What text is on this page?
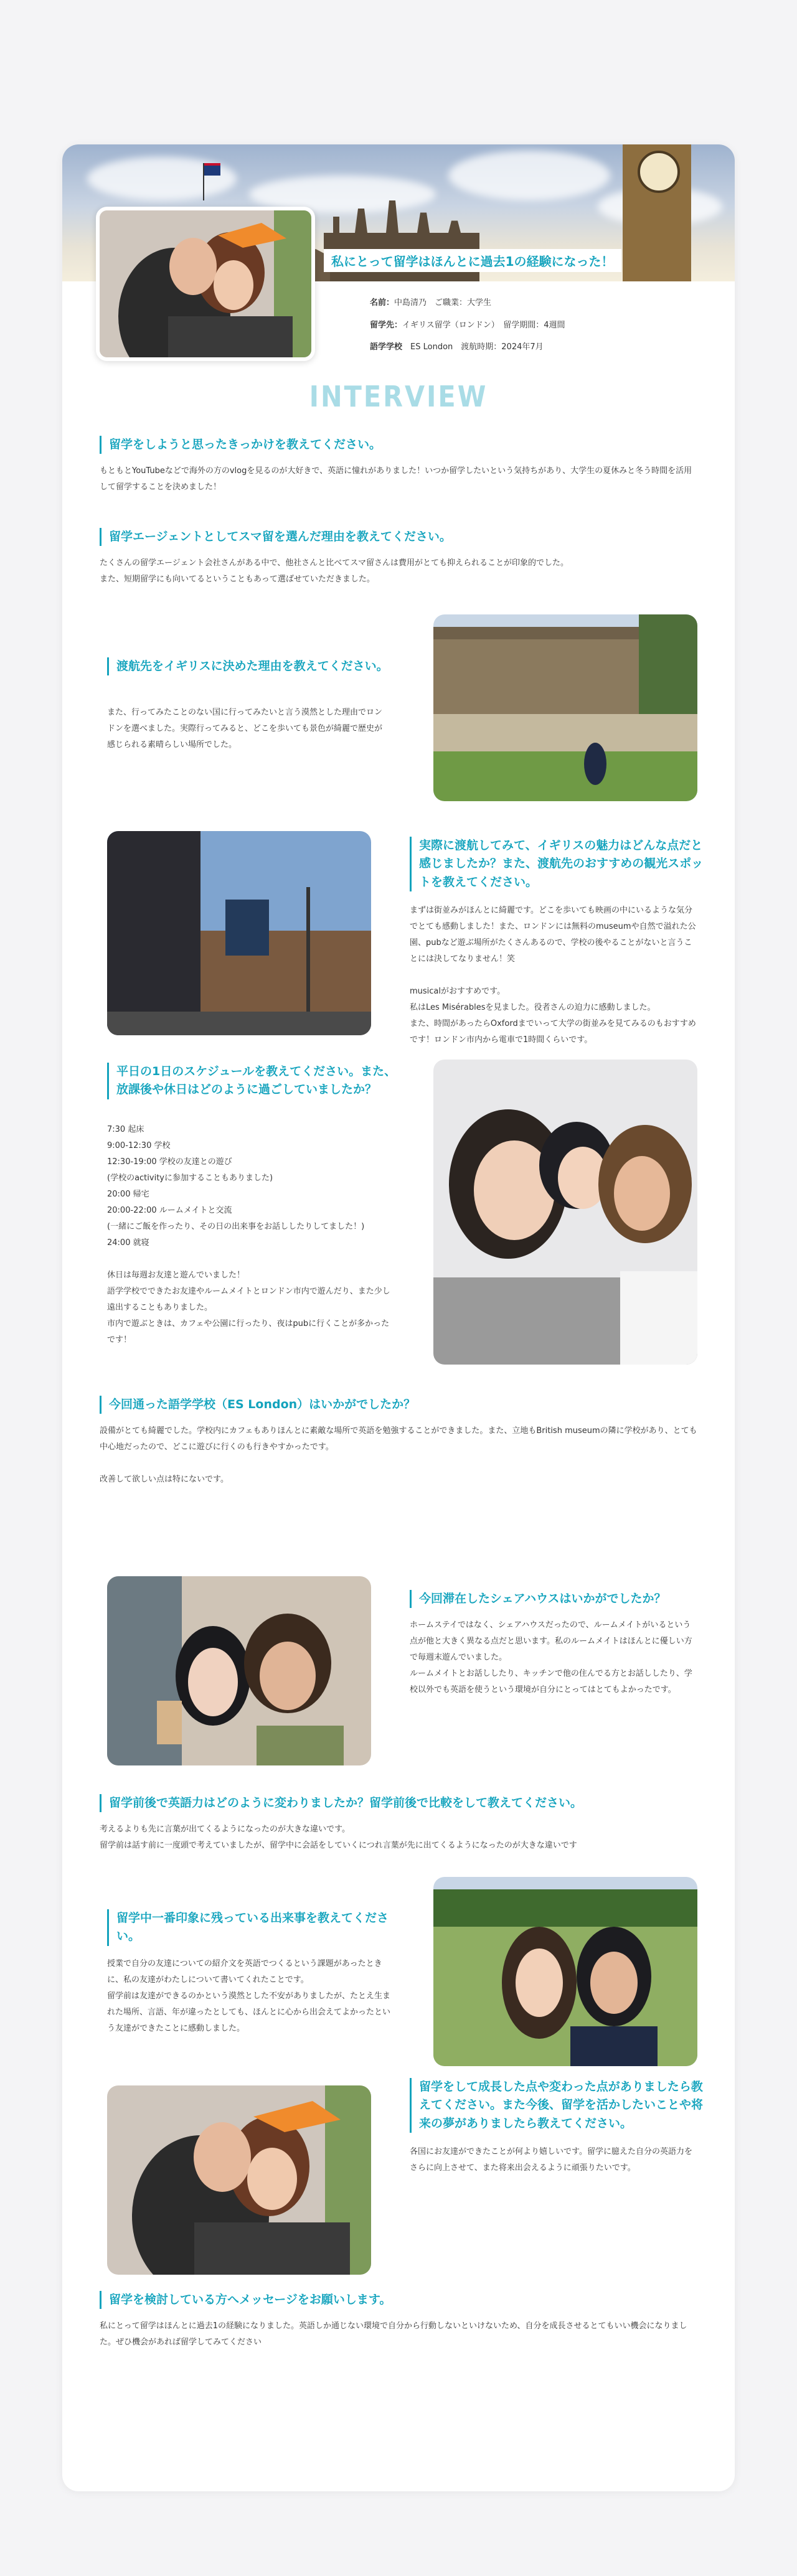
私にとって留学はほんとに過去1の経験になった！
名前：中島清乃　ご職業：大学生
留学先：イギリス留学（ロンドン）　留学期間：4週間
語学学校　 ES London　渡航時期：2024年7月
INTERVIEW
留学をしようと思ったきっかけを教えてください。
もともとYouTubeなどで海外の方のvlogを見るのが大好きで、英語に憧れがありました！いつか留学したいという気持ちがあり、大学生の夏休みと冬う時間を活用して留学することを決めました！
留学エージェントとしてスマ留を選んだ理由を教えてください。
たくさんの留学エージェント会社さんがある中で、他社さんと比べてスマ留さんは費用がとても抑えられることが印象的でした。
また、短期留学にも向いてるということもあって選ばせていただきました。
渡航先をイギリスに決めた理由を教えてください。
また、行ってみたことのない国に行ってみたいと言う漠然とした理由でロンドンを選べました。実際行ってみると、どこを歩いても景色が綺麗で歴史が感じられる素晴らしい場所でした。
実際に渡航してみて、イギリスの魅力はどんな点だと感じましたか？また、渡航先のおすすめの観光スポットを教えてください。
まずは街並みがほんとに綺麗です。どこを歩いても映画の中にいるような気分でとても感動しました！また、ロンドンには無料のmuseumや自然で溢れた公園、pubなど遊ぶ場所がたくさんあるので、学校の後やることがないと言うことには決してなりません！笑

musicalがおすすめです。
私はLes Misérablesを見ました。役者さんの迫力に感動しました。
また、時間があったらOxfordまでいって大学の街並みを見てみるのもおすすめです！ロンドン市内から電車で1時間くらいです。
平日の1日のスケジュールを教えてください。また、放課後や休日はどのように過ごしていましたか？
7:30 起床
9:00-12:30 学校
12:30-19:00 学校の友達との遊び
(学校のactivityに参加することもありました)
20:00 帰宅
20:00-22:00 ルームメイトと交流
(一緒にご飯を作ったり、その日の出来事をお話ししたりしてました！)
24:00 就寝

休日は毎週お友達と遊んでいました！
語学学校でできたお友達やルームメイトとロンドン市内で遊んだり、また少し遠出することもありました。
市内で遊ぶときは、カフェや公園に行ったり、夜はpubに行くことが多かったです！
今回通った語学学校（ES London）はいかがでしたか？
設備がとても綺麗でした。学校内にカフェもありほんとに素敵な場所で英語を勉強することができました。また、立地もBritish museumの隣に学校があり、とても中心地だったので、どこに遊びに行くのも行きやすかったです。

改善して欲しい点は特にないです。
今回滞在したシェアハウスはいかがでしたか？
ホームステイではなく、シェアハウスだったので、ルームメイトがいるという点が他と大きく異なる点だと思います。私のルームメイトはほんとに優しい方で毎週末遊んでいました。
ルームメイトとお話ししたり、キッチンで他の住んでる方とお話ししたり、学校以外でも英語を使うという環境が自分にとってはとてもよかったです。
留学前後で英語力はどのように変わりましたか？留学前後で比較をして教えてください。
考えるよりも先に言葉が出てくるようになったのが大きな違いです。
留学前は話す前に一度頭で考えていましたが、留学中に会話をしていくにつれ言葉が先に出てくるようになったのが大きな違いです
留学中一番印象に残っている出来事を教えてください。
授業で自分の友達についての紹介文を英語でつくるという課題があったときに、私の友達がわたしについて書いてくれたことです。
留学前は友達ができるのかという漠然とした不安がありましたが、たとえ生まれた場所、言語、年が違ったとしても、ほんとに心から出会えてよかったという友達ができたことに感動しました。
留学をして成長した点や変わった点がありましたら教えてください。また今後、留学を活かしたいことや将来の夢がありましたら教えてください。
各国にお友達ができたことが何より嬉しいです。留学に臆えた自分の英語力をさらに向上させて、また将来出会えるように頑張りたいです。
留学を検討している方へメッセージをお願いします。
私にとって留学はほんとに過去1の経験になりました。英語しか通じない環境で自分から行動しないといけないため、自分を成長させるとてもいい機会になりました。ぜひ機会があれば留学してみてください
